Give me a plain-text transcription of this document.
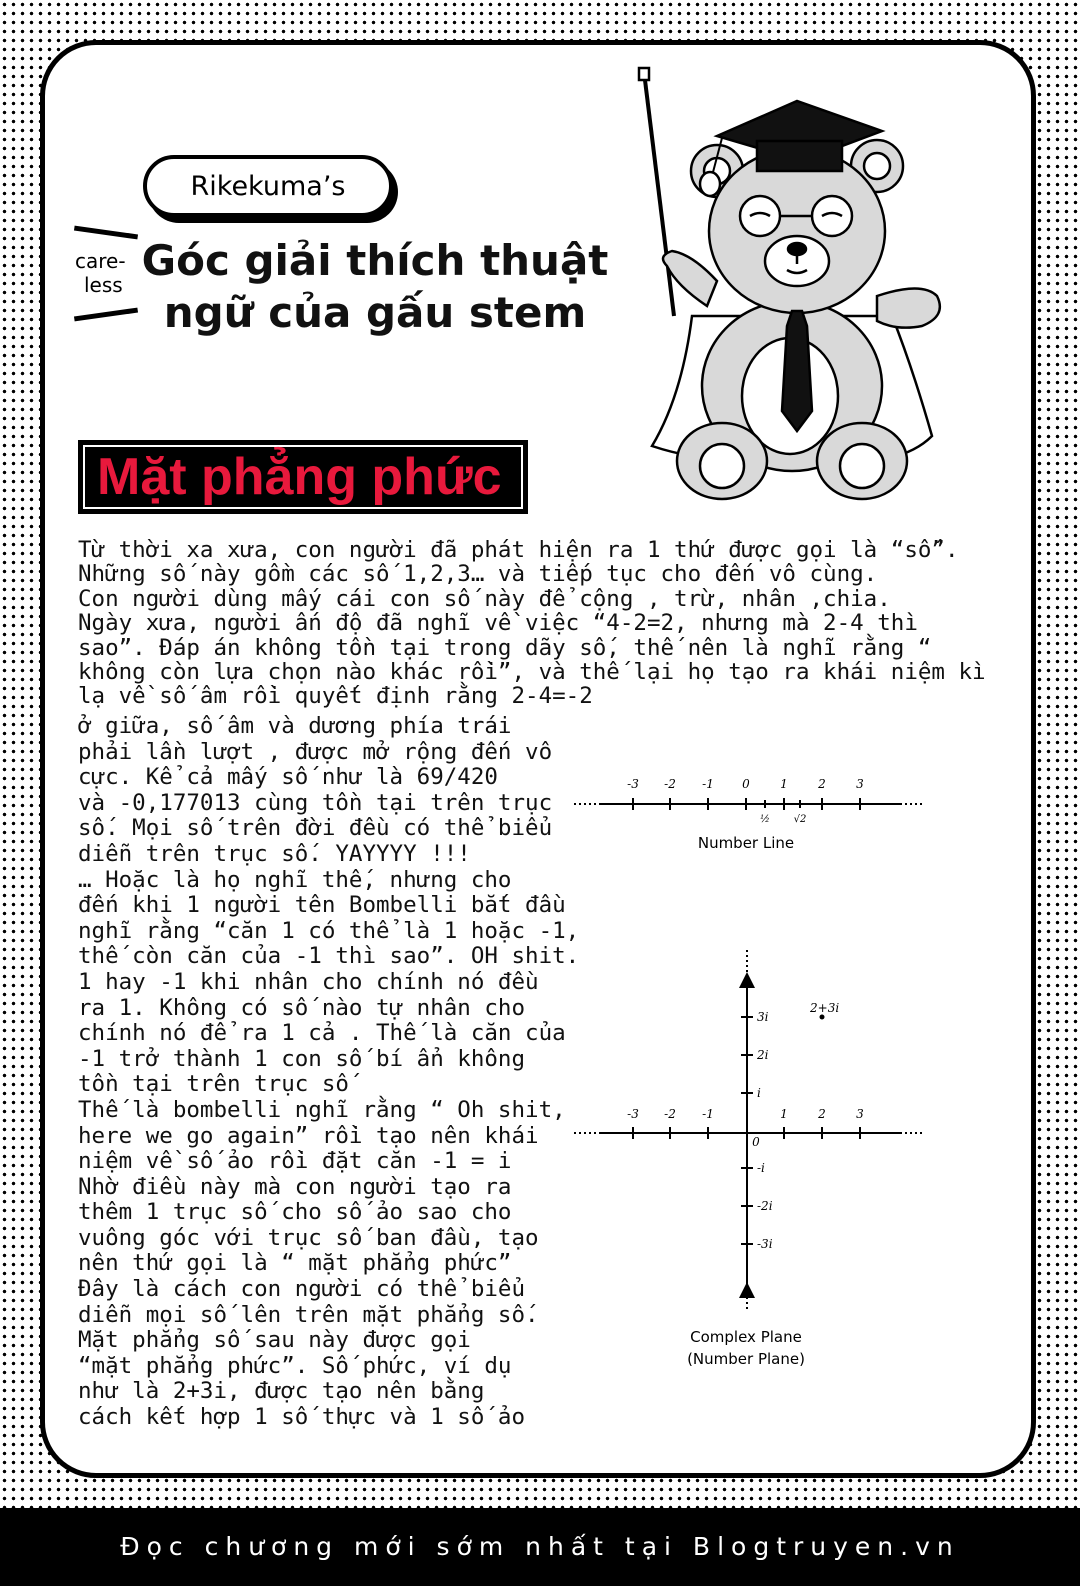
Rikekuma’s
care-
less Góc giải thích thuật
ngữ của gấu stem
Mặt phẳng phức
Từ thời xa xưa, con người đã phát hiện ra 1 thứ được gọi là “số”.
Những số này gồm các số 1,2,3… và tiếp tục cho đến vô cùng.
Con người dùng mấy cái con số này để cộng , trừ, nhân ,chia.
Ngày xưa, người ấn độ đã nghĩ về việc “4-2=2, nhưng mà 2-4 thì
sao”. Đáp án không tồn tại trong dãy số, thế nên là nghĩ rằng “
không còn lựa chọn nào khác rồi”, và thế lại họ tạo ra khái niệm kì
lạ về số âm rồi quyết định rằng 2-4=-2
ở giữa, số âm và dương phía trái
phải lần lượt , được mở rộng đến vô
cực. Kể cả mấy số như là 69/420
và -0,177013 cùng tồn tại trên trục
số. Mọi số trên đời đều có thể biểu
diễn trên trục số. YAYYYY !!!
… Hoặc là họ nghĩ thế, nhưng cho
đến khi 1 người tên Bombelli bắt đầu
nghĩ rằng “căn 1 có thể là 1 hoặc -1,
thế còn căn của -1 thì sao”. OH shit.
1 hay -1 khi nhân cho chính nó đều
ra 1. Không có số nào tự nhân cho
chính nó để ra 1 cả . Thế là căn của
-1 trở thành 1 con số bí ẩn không
tồn tại trên trục số
Thế là bombelli nghĩ rằng “ Oh shit,
here we go again” rồi tạo nên khái
niệm về số ảo rồi đặt căn -1 = i
Nhờ điều này mà con người tạo ra
thêm 1 trục số cho số ảo sao cho
vuông góc với trục số ban đầu, tạo
nên thứ gọi là “ mặt phẳng phức”
Đây là cách con người có thể biểu
diễn mọi số lên trên mặt phẳng số.
Mặt phẳng số sau này được gọi
“mặt phẳng phức”. Số phức, ví dụ
như là 2+3i, được tạo nên bằng
cách kết hợp 1 số thực và 1 số ảo
-3 -2 -1 0	1	2	3
½ √2
Number Line
-3 -2 -1	1	2	3
0
3i
2i
i
-i
-2i
-3i
2+3i
Complex Plane
(Number Plane)
Đọc chương mới sớm nhất tại Blogtruyen.vn
